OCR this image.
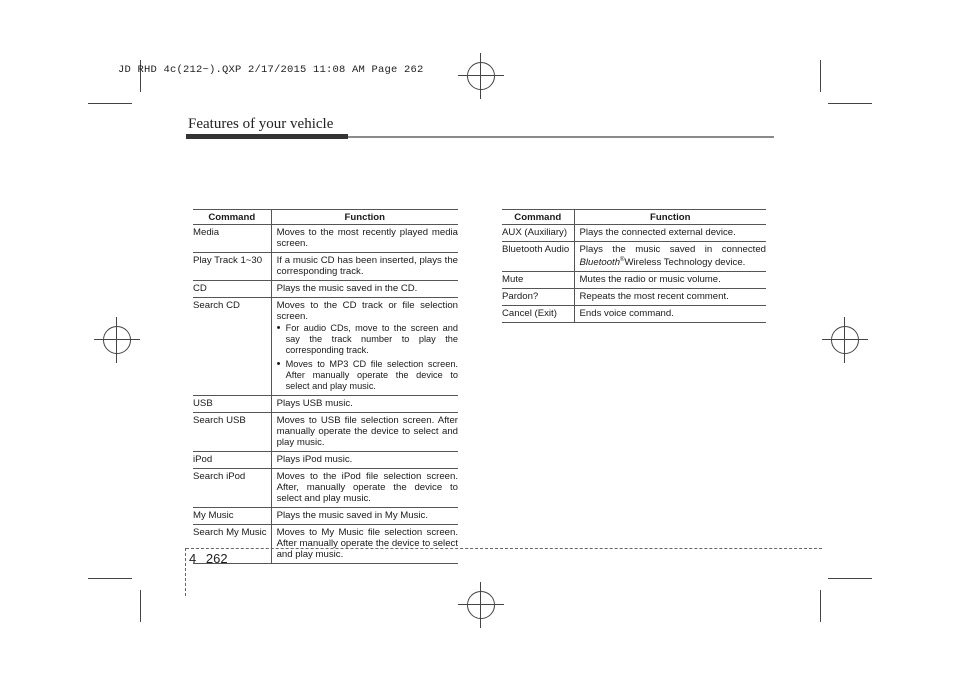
JD RHD 4c(212~).QXP 2/17/2015 11:08 AM Page 262
Features of your vehicle
Command	Function
Media	Moves to the most recently played media screen.
Play Track 1~30	If a music CD has been inserted, plays the corresponding track.
CD	Plays the music saved in the CD.
Search CD	Moves to the CD track or file selection screen.
• For audio CDs, move to the screen and say the track number to play the corresponding track.
• Moves to MP3 CD file selection screen. After manually operate the device to select and play music.

USB	Plays USB music.
Search USB	Moves to USB file selection screen. After manually operate the device to select and play music.
iPod	Plays iPod music.
Search iPod	Moves to the iPod file selection screen. After, manually operate the device to select and play music.
My Music	Plays the music saved in My Music.
Search My Music	Moves to My Music file selection screen. After manually operate the device to select and play music.
Command	Function
AUX (Auxiliary)	Plays the connected external device.
Bluetooth Audio	Plays the music saved in connected Bluetooth®Wireless Technology device.
Mute	Mutes the radio or music volume.
Pardon?	Repeats the most recent comment.
Cancel (Exit)	Ends voice command.
4 262
